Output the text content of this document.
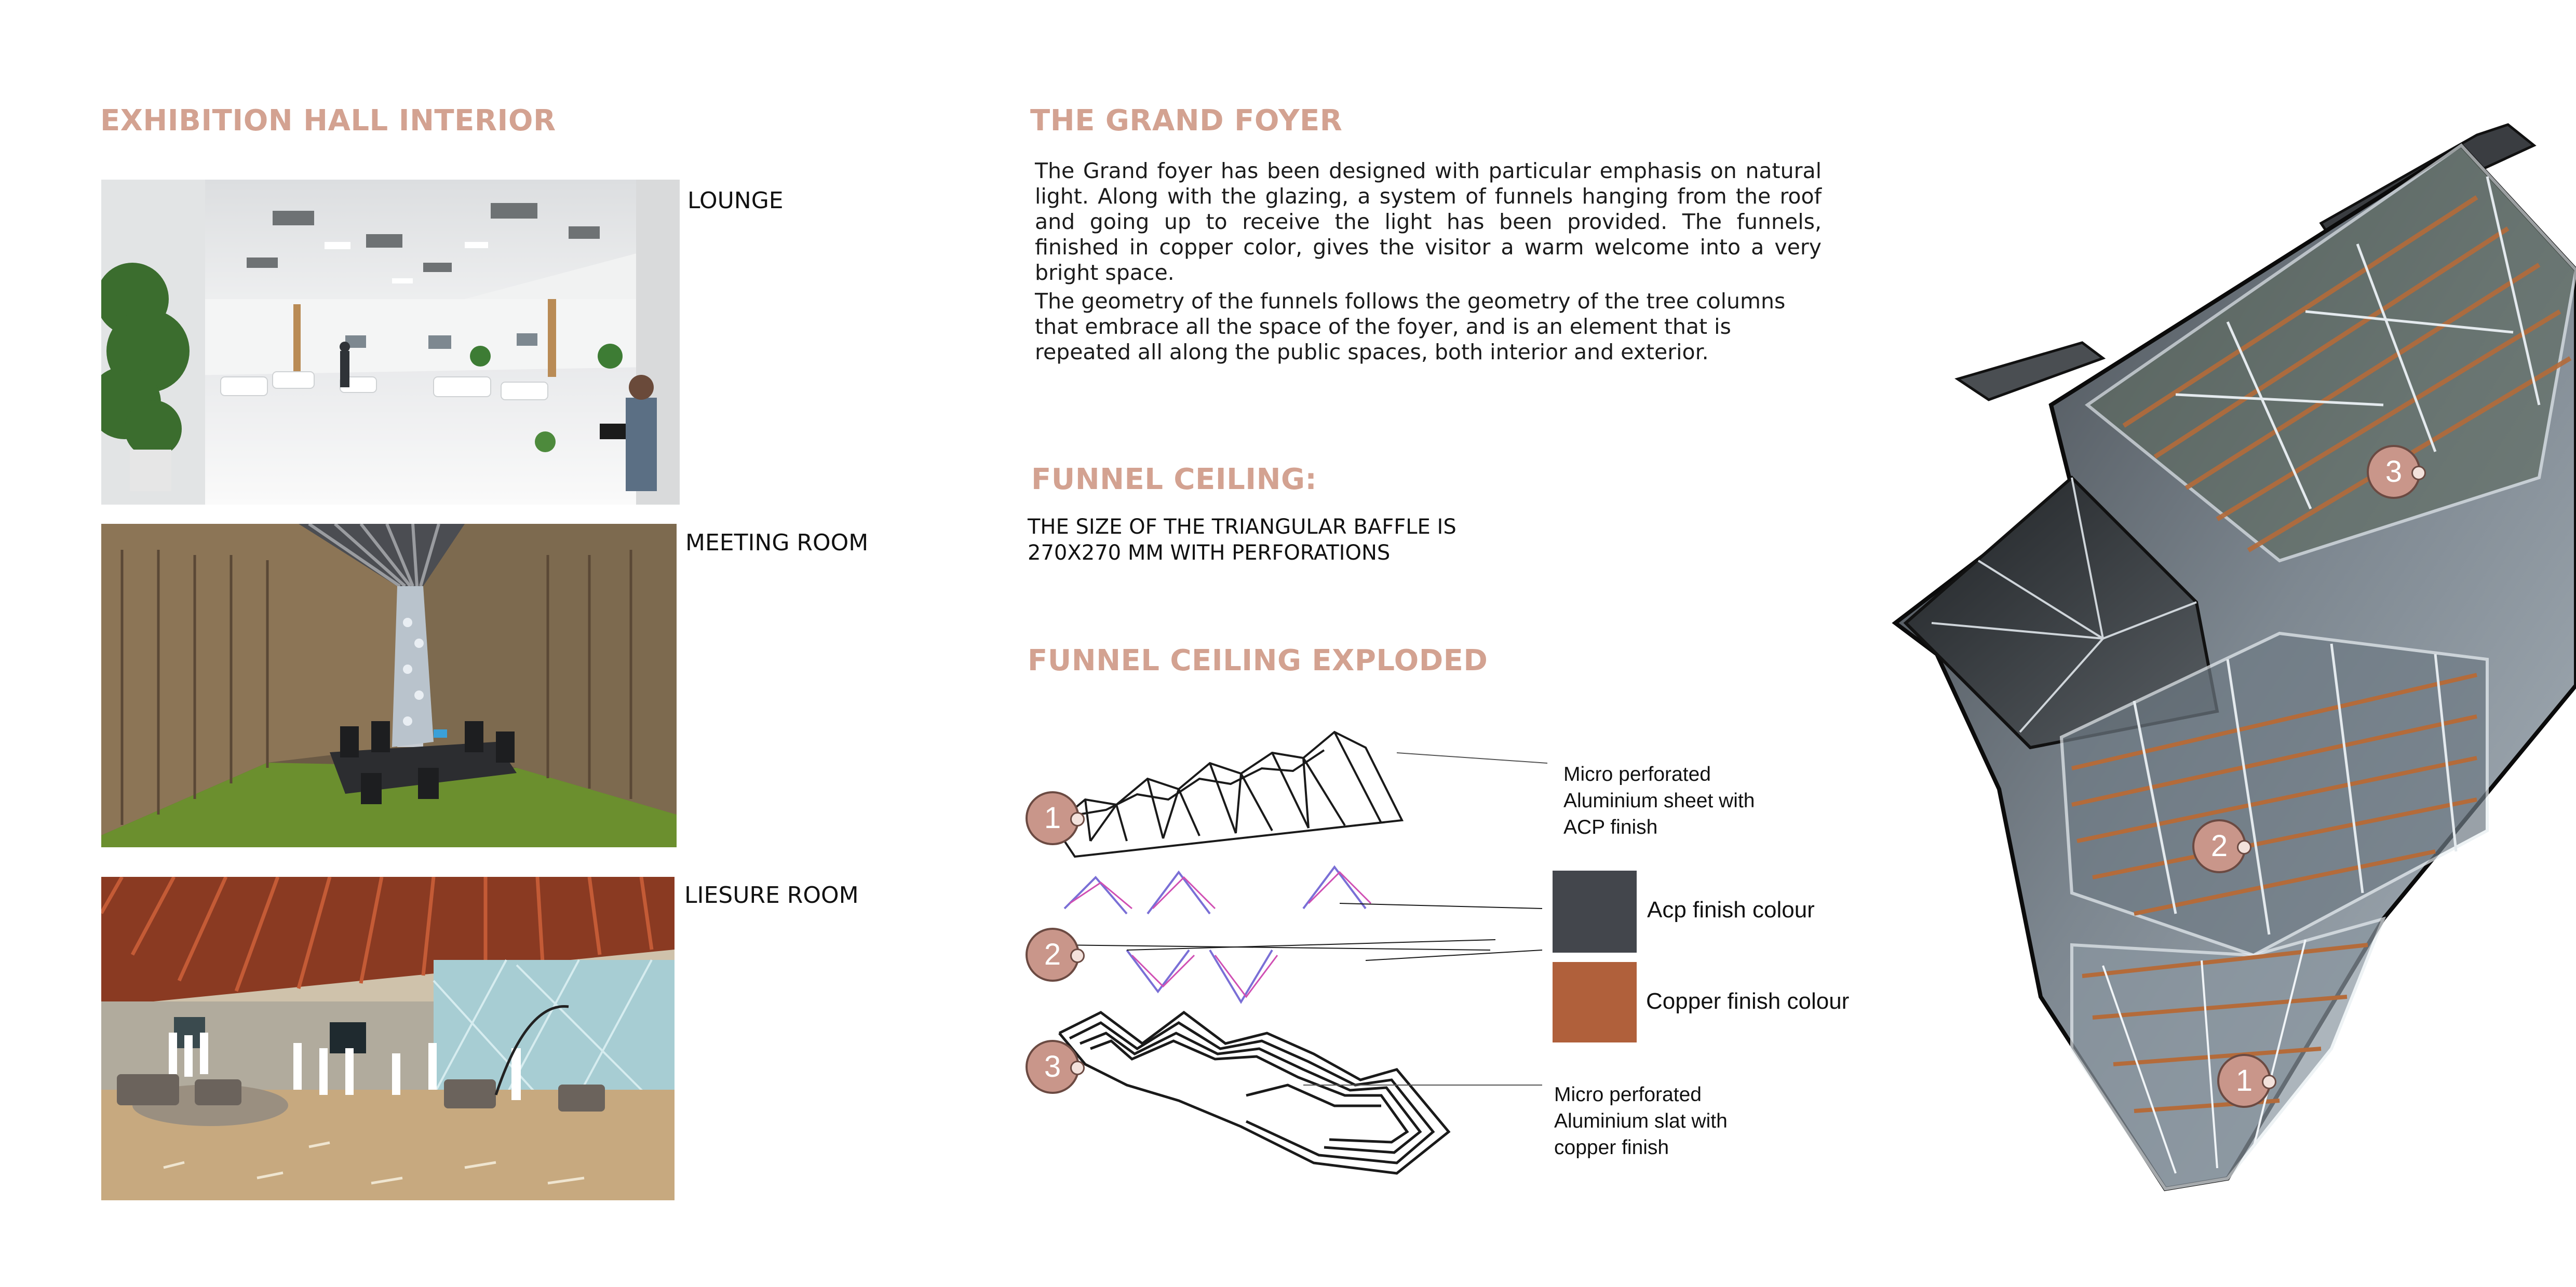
EXHIBITION HALL INTERIOR
LOUNGE
MEETING ROOM
LIESURE ROOM
THE GRAND FOYER

The Grand foyer has been designed with particular emphasis on natural light. Along with the glazing, a system of funnels hanging from the roof and going up to receive the light has been provided. The funnels, finished in copper color, gives the visitor a warm welcome into a very bright space.

The geometry of the funnels follows the geometry of the tree columns that embrace all the space of the foyer, and is an element that is repeated all along the public spaces, both interior and exterior.

FUNNEL CEILING:

THE SIZE OF THE TRIANGULAR BAFFLE IS
270X270 MM WITH PERFORATIONS

FUNNEL CEILING EXPLODED
1
2
3

Micro perforated
Aluminium sheet with
ACP finish

Micro perforated
Aluminium slat with
copper finish

Acp finish colour
Copper finish colour
3
2
1
